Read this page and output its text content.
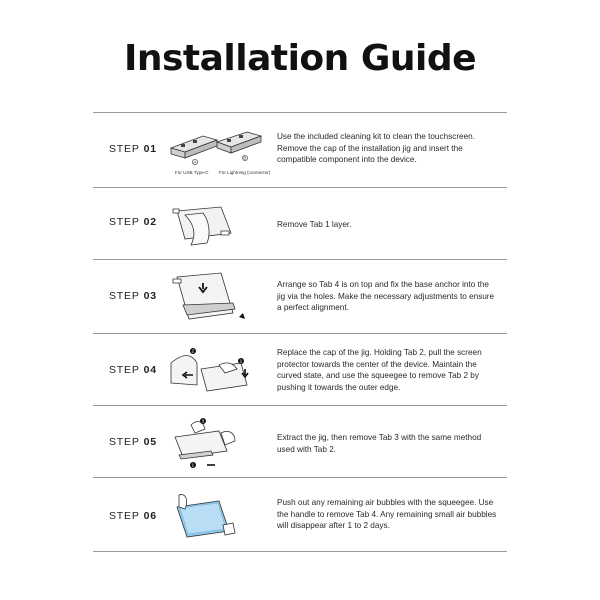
Installation Guide
STEP 01
A
B
For USB Type-C For Lightning (connector)
Use the included cleaning kit to clean the touchscreen. Remove the cap of the installation jig and insert the compatible component into the device.
STEP 02	Remove Tab 1 layer.
STEP 03
Arrange so Tab 4 is on top and fix the base anchor into the jig via the holes. Make the necessary adjustments to ensure a perfect alignment.
STEP 04
2
1
Replace the cap of the jig. Holding Tab 2, pull the screen protector towards the center of the device. Maintain the curved state, and use the squeegee to remove Tab 2 by pushing it towards the outer edge.
STEP 05
3
1
Extract the jig, then remove Tab 3 with the same method used with Tab 2.
STEP 06
Push out any remaining air bubbles with the squeegee. Use the handle to remove Tab 4. Any remaining small air bubbles will disappear after 1 to 2 days.
